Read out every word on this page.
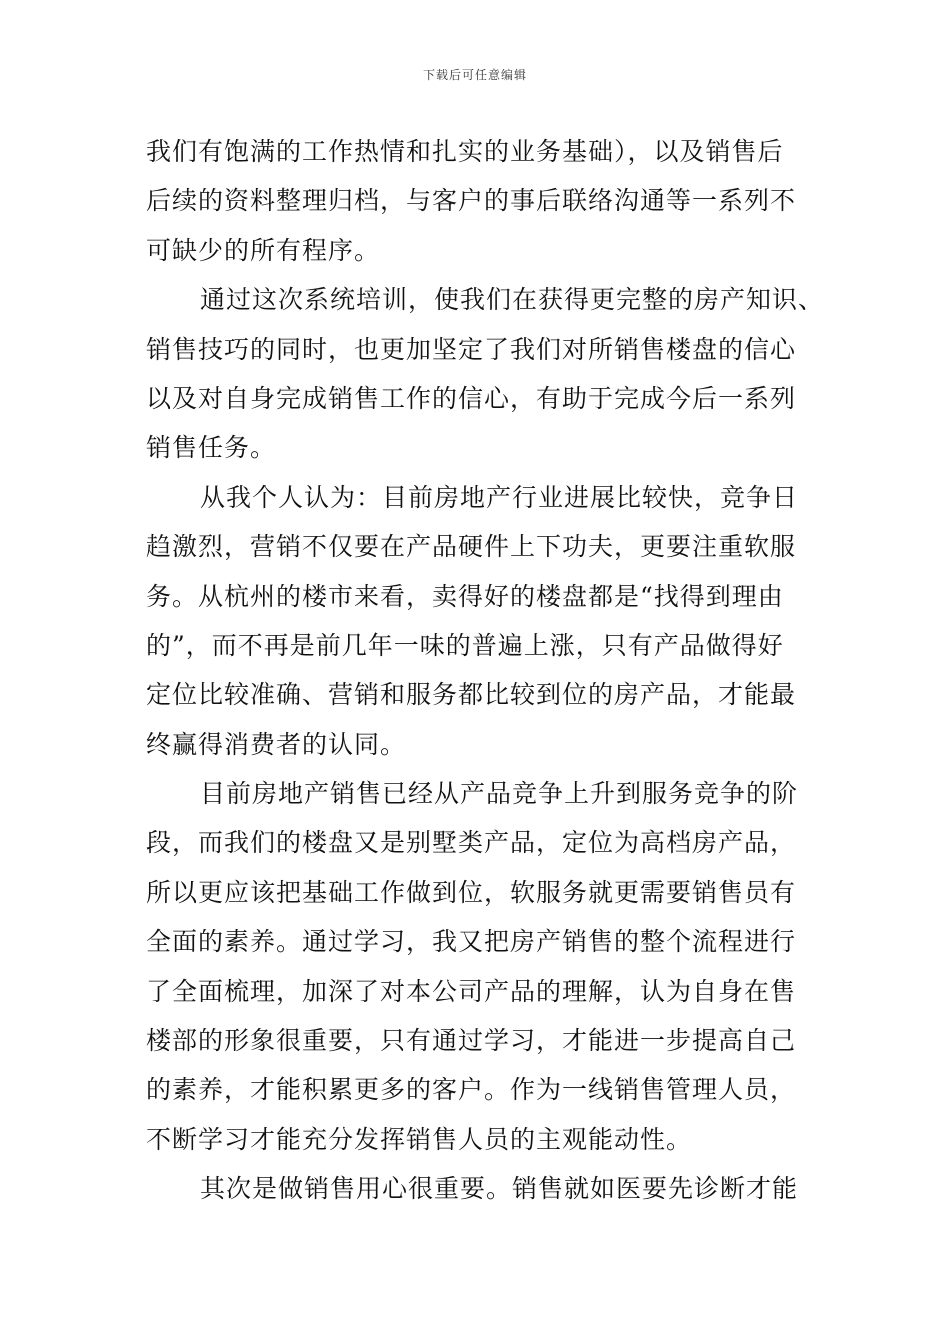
下载后可任意编辑
我们有饱满的工作热情和扎实的业务基础），以及销售后
后续的资料整理归档，与客户的事后联络沟通等一系列不
可缺少的所有程序。
通过这次系统培训，使我们在获得更完整的房产知识、
销售技巧的同时，也更加坚定了我们对所销售楼盘的信心
以及对自身完成销售工作的信心，有助于完成今后一系列
销售任务。
从我个人认为：目前房地产行业进展比较快，竞争日
趋激烈，营销不仅要在产品硬件上下功夫，更要注重软服
务。从杭州的楼市来看，卖得好的楼盘都是“找得到理由
的”，而不再是前几年一味的普遍上涨，只有产品做得好
定位比较准确、营销和服务都比较到位的房产品，才能最
终赢得消费者的认同。
目前房地产销售已经从产品竞争上升到服务竞争的阶
段，而我们的楼盘又是别墅类产品，定位为高档房产品，
所以更应该把基础工作做到位，软服务就更需要销售员有
全面的素养。通过学习，我又把房产销售的整个流程进行
了全面梳理，加深了对本公司产品的理解，认为自身在售
楼部的形象很重要，只有通过学习，才能进一步提高自己
的素养，才能积累更多的客户。作为一线销售管理人员，
不断学习才能充分发挥销售人员的主观能动性。
其次是做销售用心很重要。销售就如医要先诊断才能
